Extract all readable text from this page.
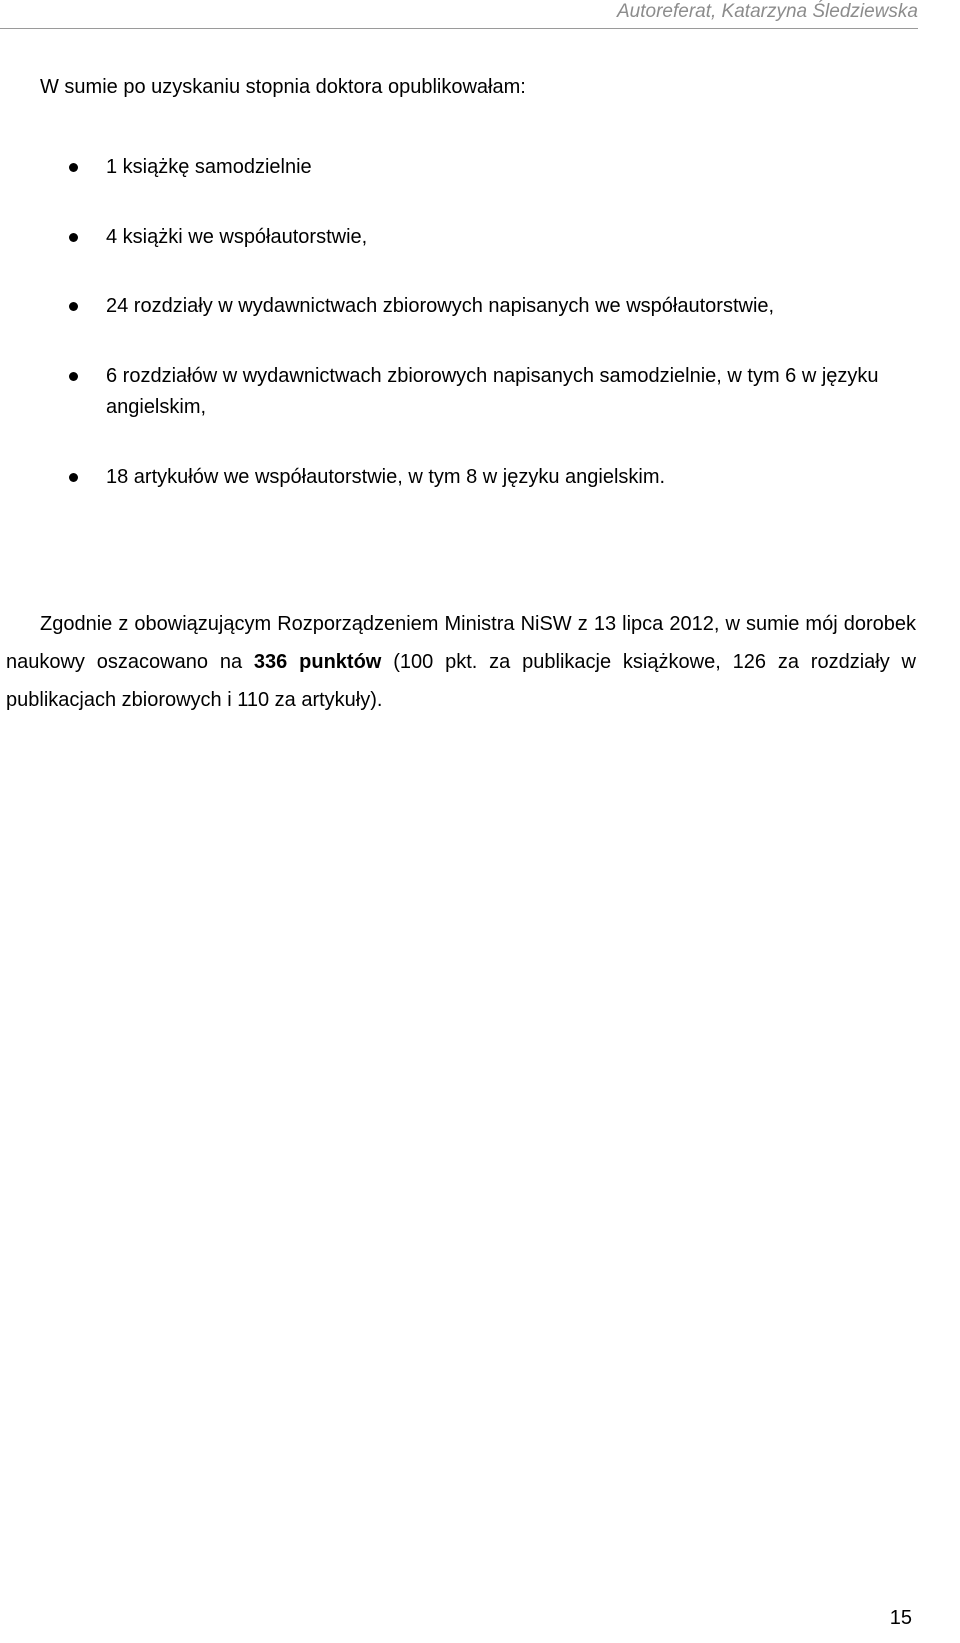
Autoreferat, Katarzyna Śledziewska
W sumie po uzyskaniu stopnia doktora opublikowałam:
1 książkę samodzielnie
4 książki we współautorstwie,
24 rozdziały w wydawnictwach zbiorowych napisanych we współautorstwie,
6 rozdziałów w wydawnictwach zbiorowych napisanych samodzielnie, w tym 6 w języku angielskim,
18 artykułów we współautorstwie, w tym 8 w języku angielskim.

Zgodnie z obowiązującym Rozporządzeniem Ministra NiSW z 13 lipca 2012, w sumie mój dorobek naukowy oszacowano na 336 punktów (100 pkt. za publikacje książkowe, 126 za rozdziały w publikacjach zbiorowych i 110 za artykuły).

15
